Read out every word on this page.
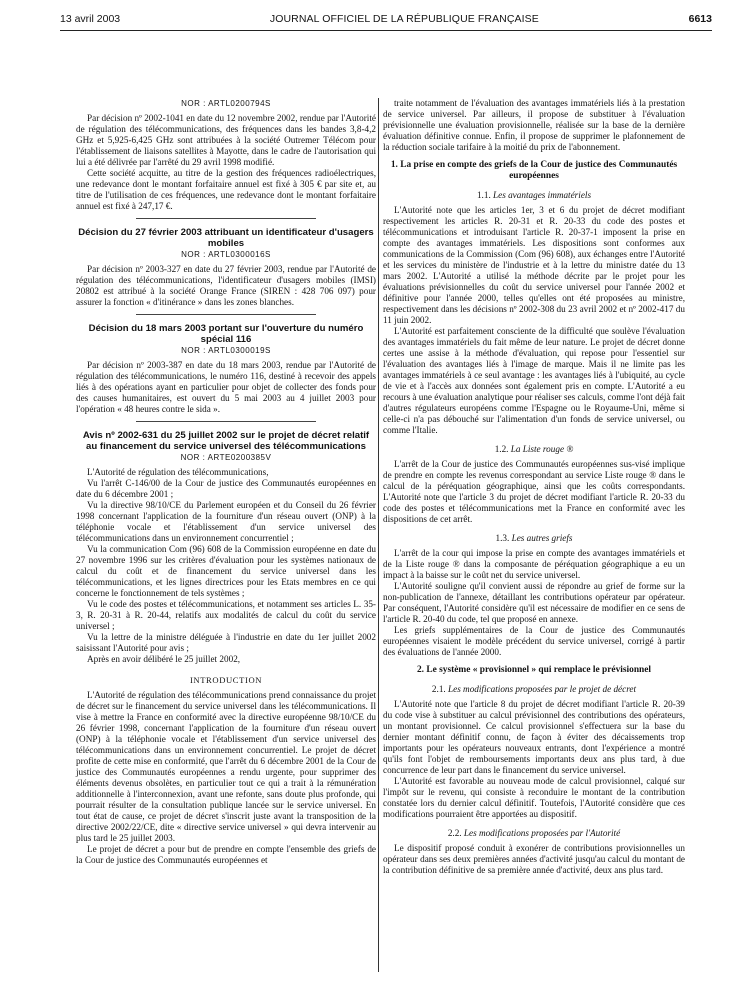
13 avril 2003	JOURNAL OFFICIEL DE LA RÉPUBLIQUE FRANÇAISE	6613

NOR : ARTL0200794S

Par décision nº 2002-1041 en date du 12 novembre 2002, rendue par l'Autorité de régulation des télécommunications, des fréquences dans les bandes 3,8-4,2 GHz et 5,925-6,425 GHz sont attribuées à la société Outremer Télécom pour l'établissement de liaisons satellites à Mayotte, dans le cadre de l'autorisation qui lui a été délivrée par l'arrêté du 29 avril 1998 modifié.

Cette société acquitte, au titre de la gestion des fréquences radioélectriques, une redevance dont le montant forfaitaire annuel est fixé à 305 € par site et, au titre de l'utilisation de ces fréquences, une redevance dont le montant forfaitaire annuel est fixé à 247,17 €.

Décision du 27 février 2003 attribuant un identificateur d'usagers mobiles

NOR : ARTL0300016S

Par décision nº 2003-327 en date du 27 février 2003, rendue par l'Autorité de régulation des télécommunications, l'identificateur d'usagers mobiles (IMSI) 20802 est attribué à la société Orange France (SIREN : 428 706 097) pour assurer la fonction « d'itinérance » dans les zones blanches.

Décision du 18 mars 2003 portant sur l'ouverture du numéro spécial 116

NOR : ARTL0300019S

Par décision nº 2003-387 en date du 18 mars 2003, rendue par l'Autorité de régulation des télécommunications, le numéro 116, destiné à recevoir des appels liés à des opérations ayant en particulier pour objet de collecter des fonds pour des causes humanitaires, est ouvert du 5 mai 2003 au 4 juillet 2003 pour l'opération « 48 heures contre le sida ».

Avis nº 2002-631 du 25 juillet 2002 sur le projet de décret relatif au financement du service universel des télécommunications

NOR : ARTE0200385V

L'Autorité de régulation des télécommunications,

Vu l'arrêt C-146/00 de la Cour de justice des Communautés européennes en date du 6 décembre 2001 ;

Vu la directive 98/10/CE du Parlement européen et du Conseil du 26 février 1998 concernant l'application de la fourniture d'un réseau ouvert (ONP) à la téléphonie vocale et l'établissement d'un service universel des télécommunications dans un environnement concurrentiel ;

Vu la communication Com (96) 608 de la Commission européenne en date du 27 novembre 1996 sur les critères d'évaluation pour les systèmes nationaux de calcul du coût et de financement du service universel dans les télécommunications, et les lignes directrices pour les Etats membres en ce qui concerne le fonctionnement de tels systèmes ;

Vu le code des postes et télécommunications, et notamment ses articles L. 35-3, R. 20-31 à R. 20-44, relatifs aux modalités de calcul du coût du service universel ;

Vu la lettre de la ministre déléguée à l'industrie en date du 1er juillet 2002 saisissant l'Autorité pour avis ;

Après en avoir délibéré le 25 juillet 2002,

INTRODUCTION

L'Autorité de régulation des télécommunications prend connaissance du projet de décret sur le financement du service universel dans les télécommunications. Il vise à mettre la France en conformité avec la directive européenne 98/10/CE du 26 février 1998, concernant l'application de la fourniture d'un réseau ouvert (ONP) à la téléphonie vocale et l'établissement d'un service universel des télécommunications dans un environnement concurrentiel. Le projet de décret profite de cette mise en conformité, que l'arrêt du 6 décembre 2001 de la Cour de justice des Communautés européennes a rendu urgente, pour supprimer des éléments devenus obsolètes, en particulier tout ce qui a trait à la rémunération additionnelle à l'interconnexion, avant une refonte, sans doute plus profonde, qui pourrait résulter de la consultation publique lancée sur le service universel. En tout état de cause, ce projet de décret s'inscrit juste avant la transposition de la directive 2002/22/CE, dite « directive service universel » qui devra intervenir au plus tard le 25 juillet 2003.

Le projet de décret a pour but de prendre en compte l'ensemble des griefs de la Cour de justice des Communautés européennes et

traite notamment de l'évaluation des avantages immatériels liés à la prestation de service universel. Par ailleurs, il propose de substituer à l'évaluation prévisionnelle une évaluation provisionnelle, réalisée sur la base de la dernière évaluation définitive connue. Enfin, il propose de supprimer le plafonnement de la réduction sociale tarifaire à la moitié du prix de l'abonnement.

1. La prise en compte des griefs de la Cour de justice des Communautés européennes

1.1. Les avantages immatériels

L'Autorité note que les articles 1er, 3 et 6 du projet de décret modifiant respectivement les articles R. 20-31 et R. 20-33 du code des postes et télécommunications et introduisant l'article R. 20-37-1 imposent la prise en compte des avantages immatériels. Les dispositions sont conformes aux communications de la Commission (Com (96) 608), aux échanges entre l'Autorité et les services du ministère de l'industrie et à la lettre du ministre datée du 13 mars 2002. L'Autorité a utilisé la méthode décrite par le projet pour les évaluations prévisionnelles du coût du service universel pour l'année 2002 et définitive pour l'année 2000, telles qu'elles ont été proposées au ministre, respectivement dans les décisions nº 2002-308 du 23 avril 2002 et nº 2002-417 du 11 juin 2002.

L'Autorité est parfaitement consciente de la difficulté que soulève l'évaluation des avantages immatériels du fait même de leur nature. Le projet de décret donne certes une assise à la méthode d'évaluation, qui repose pour l'essentiel sur l'évaluation des avantages liés à l'image de marque. Mais il ne limite pas les avantages immatériels à ce seul avantage : les avantages liés à l'ubiquité, au cycle de vie et à l'accès aux données sont également pris en compte. L'Autorité a eu recours à une évaluation analytique pour réaliser ses calculs, comme l'ont déjà fait d'autres régulateurs européens comme l'Espagne ou le Royaume-Uni, même si celle-ci n'a pas débouché sur l'alimentation d'un fonds de service universel, ou comme l'Italie.

1.2. La Liste rouge ®

L'arrêt de la Cour de justice des Communautés européennes sus-visé implique de prendre en compte les revenus correspondant au service Liste rouge ® dans le calcul de la péréquation géographique, ainsi que les coûts correspondants. L'Autorité note que l'article 3 du projet de décret modifiant l'article R. 20-33 du code des postes et télécommunications met la France en conformité avec les dispositions de cet arrêt.

1.3. Les autres griefs

L'arrêt de la cour qui impose la prise en compte des avantages immatériels et de la Liste rouge ® dans la composante de péréquation géographique a eu un impact à la baisse sur le coût net du service universel.

L'Autorité souligne qu'il convient aussi de répondre au grief de forme sur la non-publication de l'annexe, détaillant les contributions opérateur par opérateur. Par conséquent, l'Autorité considère qu'il est nécessaire de modifier en ce sens de l'article R. 20-40 du code, tel que proposé en annexe.

Les griefs supplémentaires de la Cour de justice des Communautés européennes visaient le modèle précédent du service universel, corrigé à partir des évaluations de l'année 2000.

2. Le système « provisionnel » qui remplace le prévisionnel

2.1. Les modifications proposées par le projet de décret

L'Autorité note que l'article 8 du projet de décret modifiant l'article R. 20-39 du code vise à substituer au calcul prévisionnel des contributions des opérateurs, un montant provisionnel. Ce calcul provisionnel s'effectuera sur la base du dernier montant définitif connu, de façon à éviter des décaissements trop importants pour les opérateurs nouveaux entrants, dont l'expérience a montré qu'ils font l'objet de remboursements importants deux ans plus tard, à due concurrence de leur part dans le financement du service universel.

L'Autorité est favorable au nouveau mode de calcul provisionnel, calqué sur l'impôt sur le revenu, qui consiste à reconduire le montant de la contribution constatée lors du dernier calcul définitif. Toutefois, l'Autorité considère que ces modifications pourraient être apportées au dispositif.

2.2. Les modifications proposées par l'Autorité

Le dispositif proposé conduit à exonérer de contributions provisionnelles un opérateur dans ses deux premières années d'activité jusqu'au calcul du montant de la contribution définitive de sa première année d'activité, deux ans plus tard.
